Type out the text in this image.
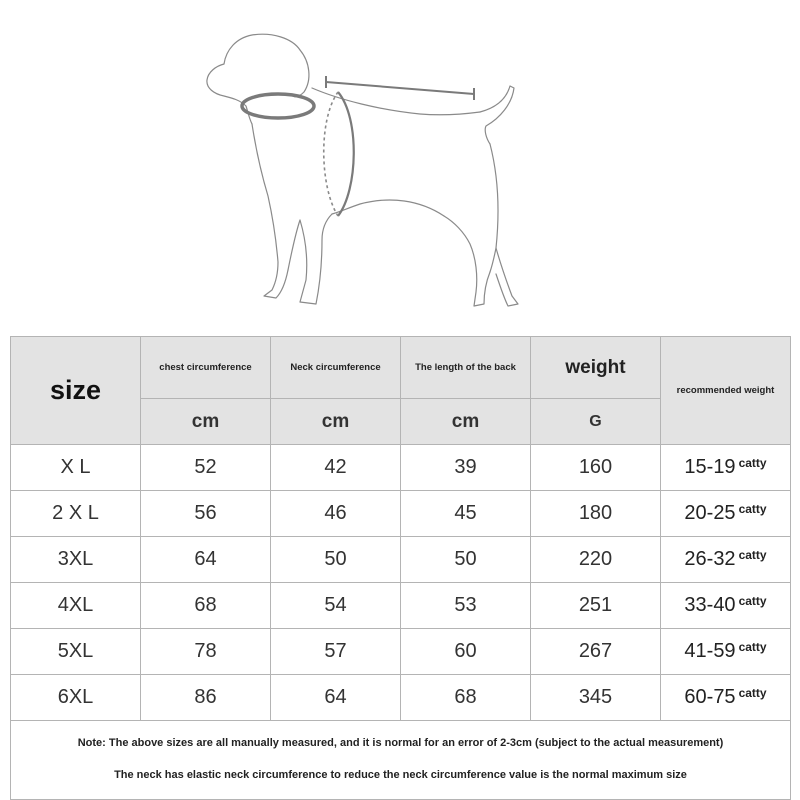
size	chest circumference	Neck circumference	The length of the back	weight	recommended weight
	cm	cm	cm	G	
X L	52	42	39	160	15-19 $^{catty}$
2 X L	56	46	45	180	20-25 $^{catty}$
3XL	64	50	50	220	26-32 $^{catty}$
4XL	68	54	53	251	33-40 $^{catty}$
5XL	78	57	60	267	41-59 $^{catty}$
6XL	86	64	68	345	60-75 $^{catty}$

Note: The above sizes are all manually measured, and it is normal for an error of 2-3cm (subject to the actual measurement)

The neck has elastic neck circumference to reduce the neck circumference value is the normal maximum size					
